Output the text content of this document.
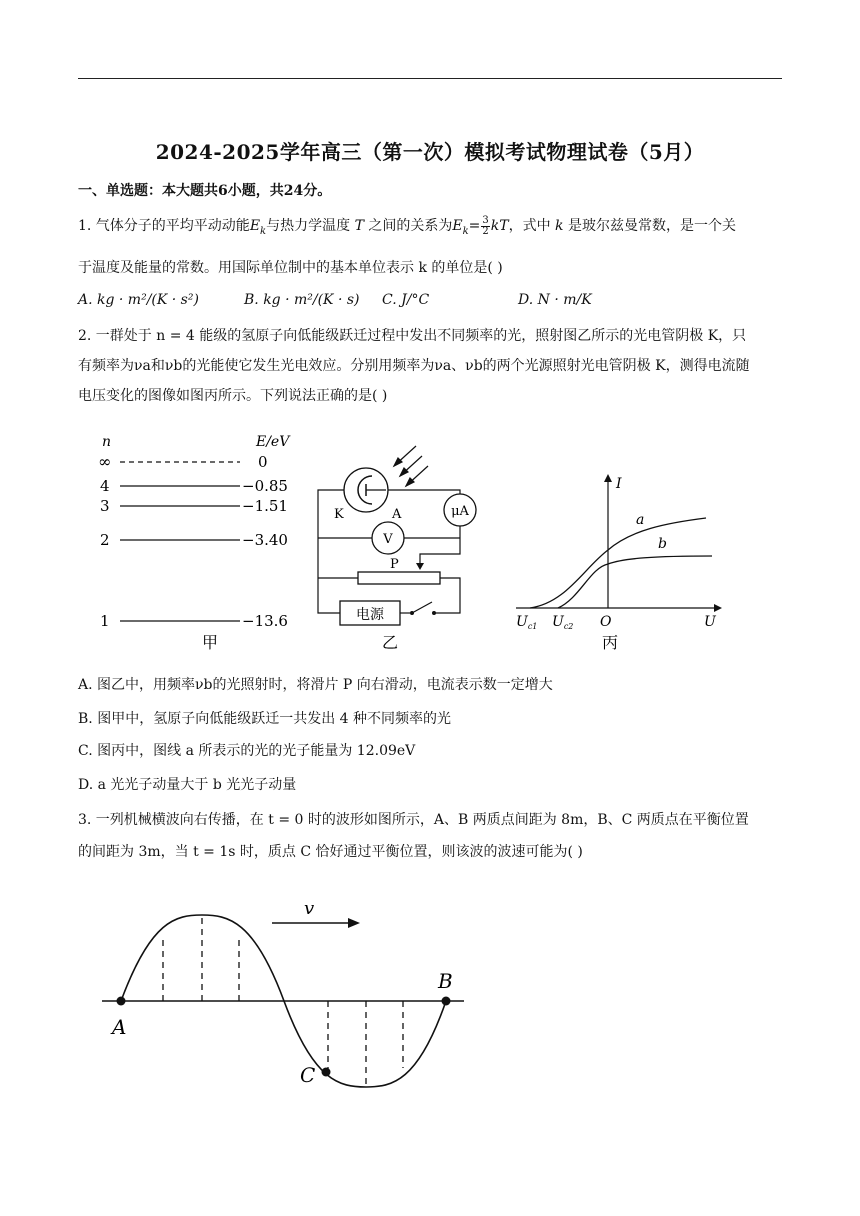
2024-2025学年高三（第一次）模拟考试物理试卷（5月）
一、单选题：本大题共6小题，共24分。
1. 气体分子的平均平动动能$E_k$与热力学温度 T 之间的关系为$E_k= \frac{3}{2}$ kT，式中 k 是玻尔兹曼常数，是一个关
于温度及能量的常数。用国际单位制中的基本单位表示 k 的单位是( )
A. kg · m²/(K · s²)	B. kg · m²/(K · s) C. J/°C	D. N · m/K
2. 一群处于 n = 4 能级的氢原子向低能级跃迁过程中发出不同频率的光，照射图乙所示的光电管阴极 K，只
有频率为νa和νb的光能使它发生光电效应。分别用频率为νa、νb的两个光源照射光电管阴极 K，测得电流随
电压变化的图像如图丙所示。下列说法正确的是( )
n	E/eV
∞	0
4	−0.85
3	−1.51
2	−3.40
1	−13.6
甲
K	A	μA
V
P
电源
乙
I
U
O
a
b
$U_{c1}$ $U_{c2}$
丙
A. 图乙中，用频率νb的光照射时，将滑片 P 向右滑动，电流表示数一定增大
B. 图甲中，氢原子向低能级跃迁一共发出 4 种不同频率的光
C. 图丙中，图线 a 所表示的光的光子能量为 12.09eV
D. a 光光子动量大于 b 光光子动量
3. 一列机械横波向右传播，在 t = 0 时的波形如图所示，A、B 两质点间距为 8m，B、C 两质点在平衡位置
的间距为 3m，当 t = 1s 时，质点 C 恰好通过平衡位置，则该波的波速可能为( )
v
A
B
C
